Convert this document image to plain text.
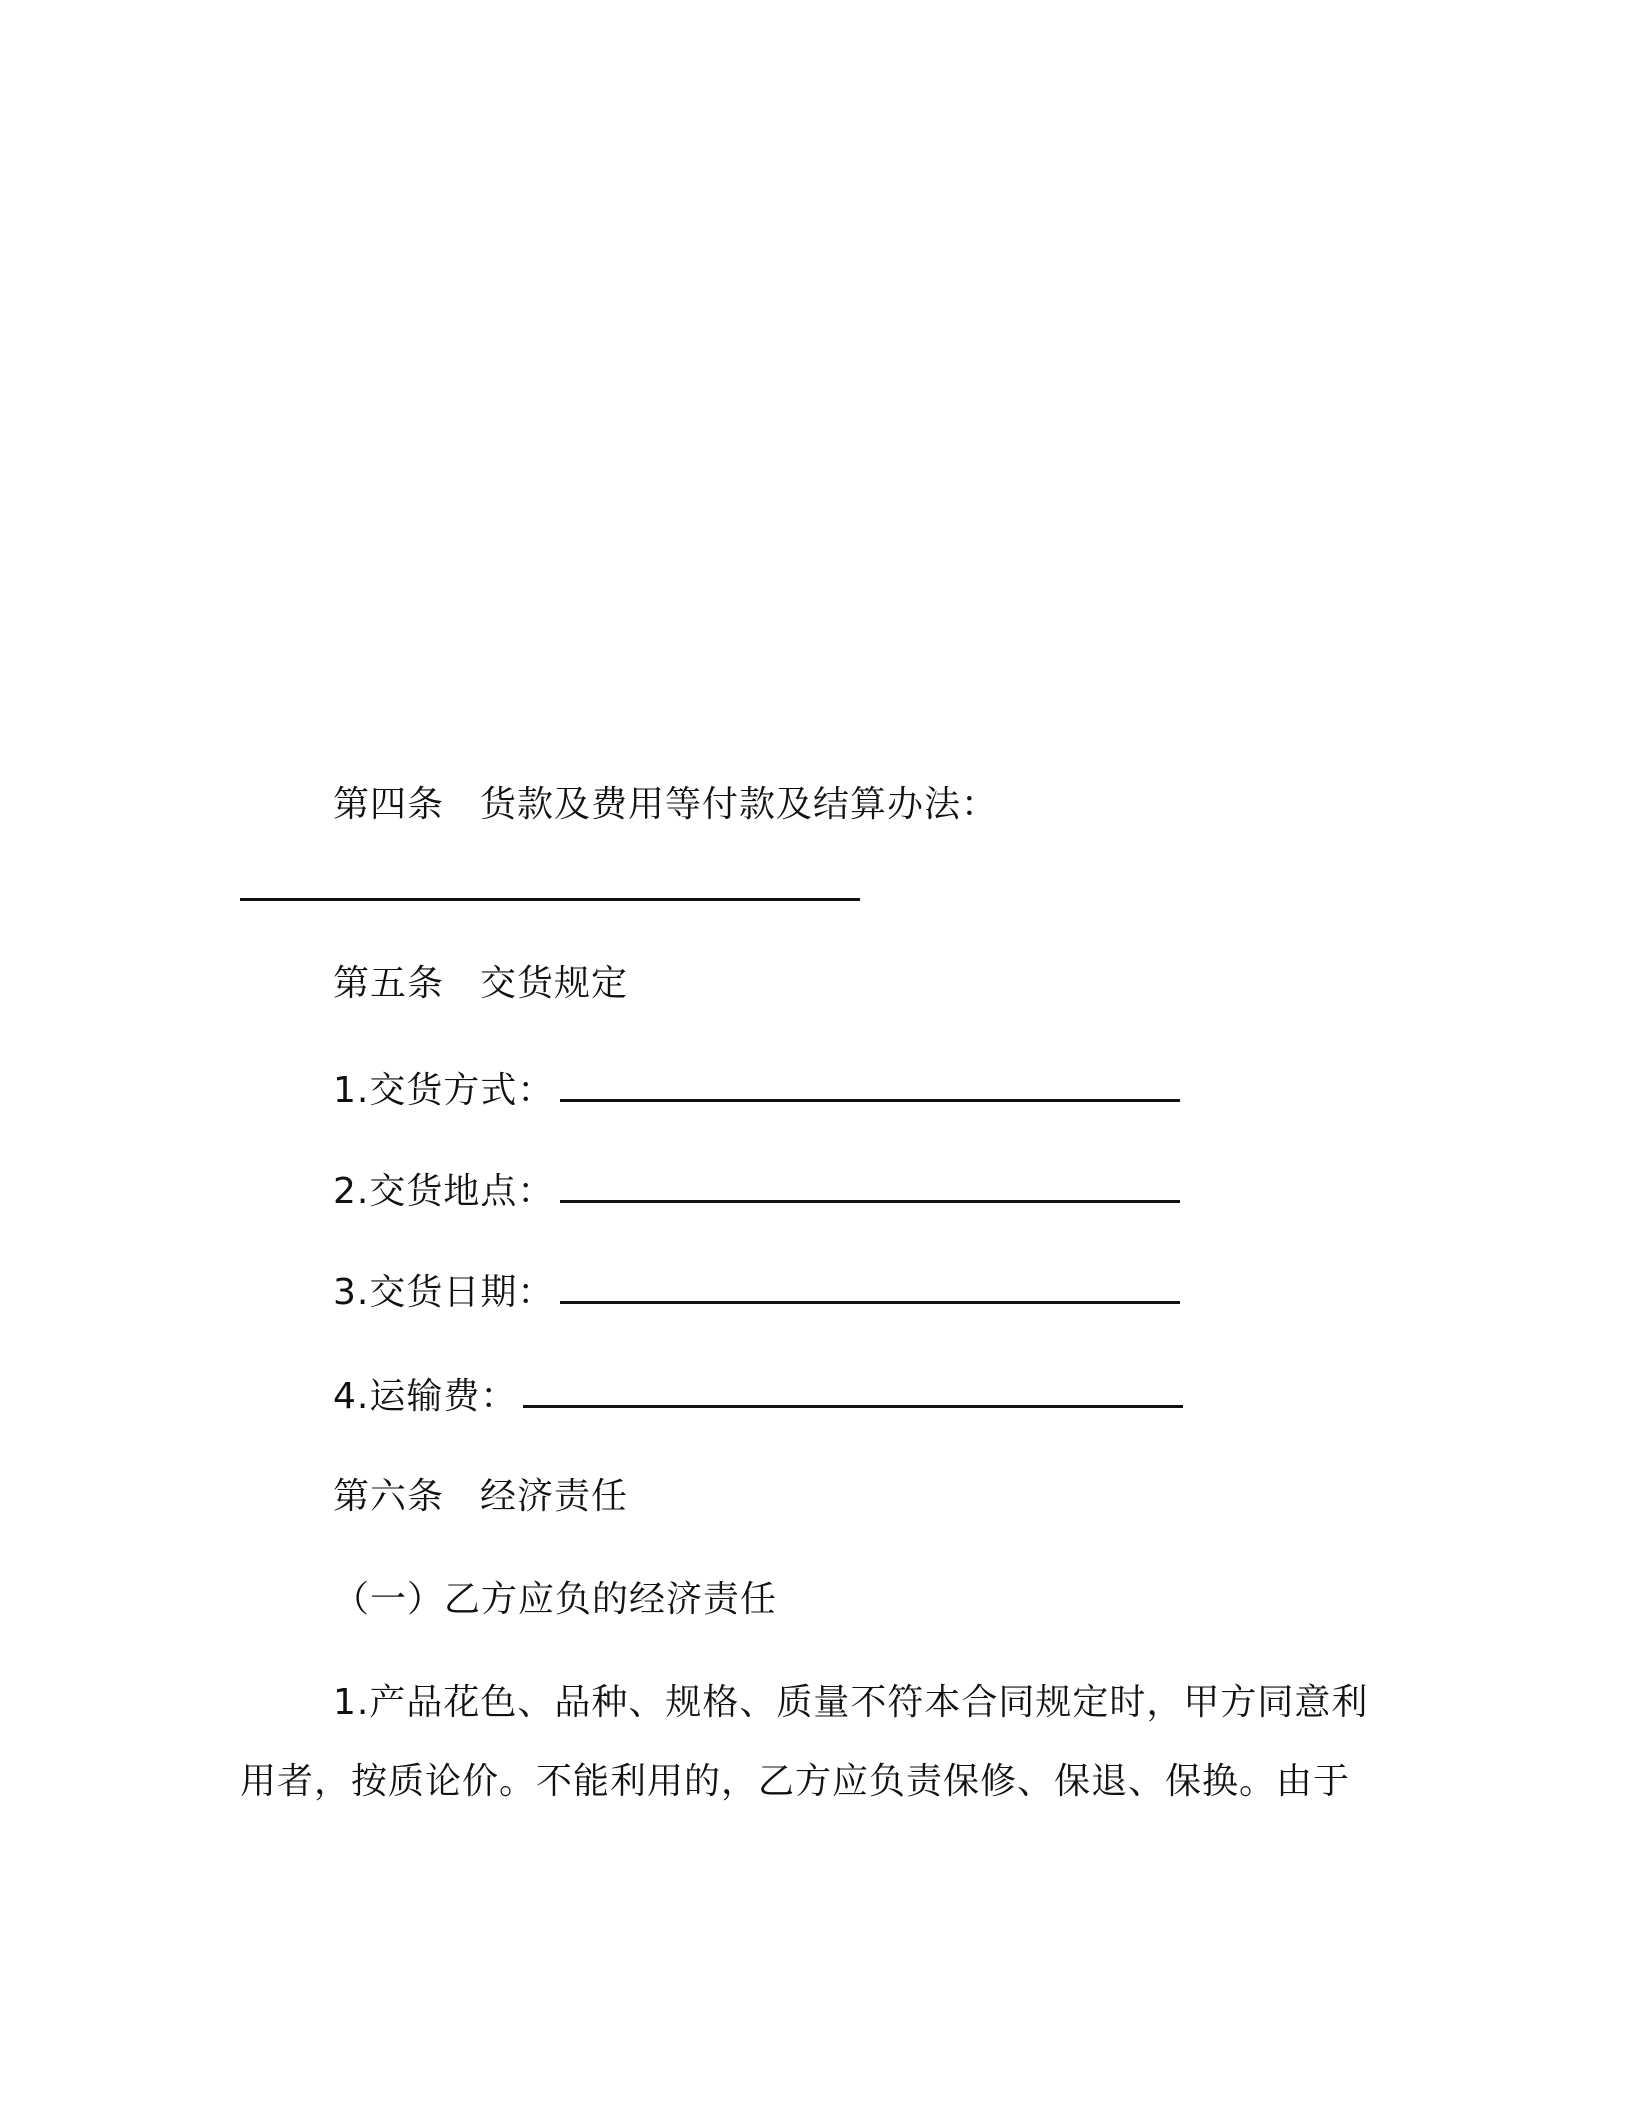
第四条 货款及费用等付款及结算办法：
第五条 交货规定
1.交货方式：
2.交货地点：
3.交货日期：
4.运输费：
第六条 经济责任
（一）乙方应负的经济责任
1.产品花色、品种、规格、质量不符本合同规定时，甲方同意利
用者，按质论价。不能利用的，乙方应负责保修、保退、保换。由于
